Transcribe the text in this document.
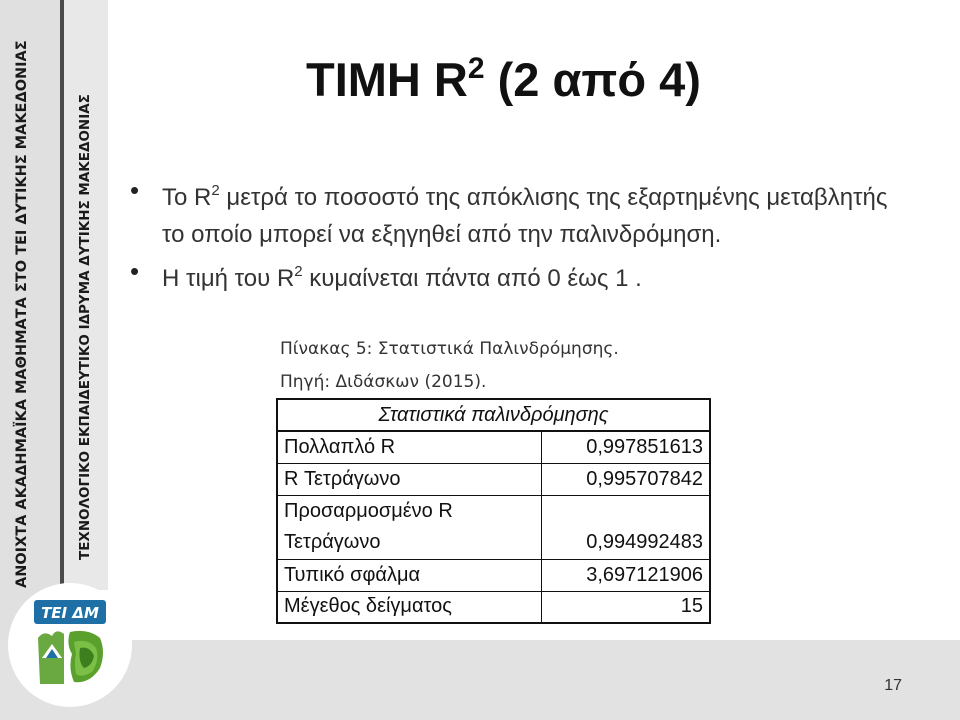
ΑΝΟΙΧΤΑ ΑΚΑΔΗΜΑΪΚΑ ΜΑΘΗΜΑΤΑ ΣΤΟ ΤΕΙ ΔΥΤΙΚΗΣ ΜΑΚΕΔΟΝΙΑΣ	ΤΕΧΝΟΛΟΓΙΚΟ ΕΚΠΑΙΔΕΥΤΙΚΟ ΙΔΡΥΜΑ ΔΥΤΙΚΗΣ ΜΑΚΕΔΟΝΙΑΣ
17
ΤΕΙ ΔΜ
ΤΙΜΗ $R^2$ (2 από 4)
• Το $R^2$ μετρά το ποσοστό της απόκλισης της εξαρτημένης μεταβλητής το οποίο μπορεί να εξηγηθεί από την παλινδρόμηση.
• Η τιμή του $R^2$ κυμαίνεται πάντα από 0 έως 1 .
Πίνακας 5: Στατιστικά Παλινδρόμησης.
Πηγή: Διδάσκων (2015).
Στατιστικά παλινδρόμησης	
Πολλαπλό R	0,997851613
R Τετράγωνο	0,995707842
Προσαρμοσμένο R	
Τετράγωνο	0,994992483
Τυπικό σφάλμα	3,697121906
Μέγεθος δείγματος	15
